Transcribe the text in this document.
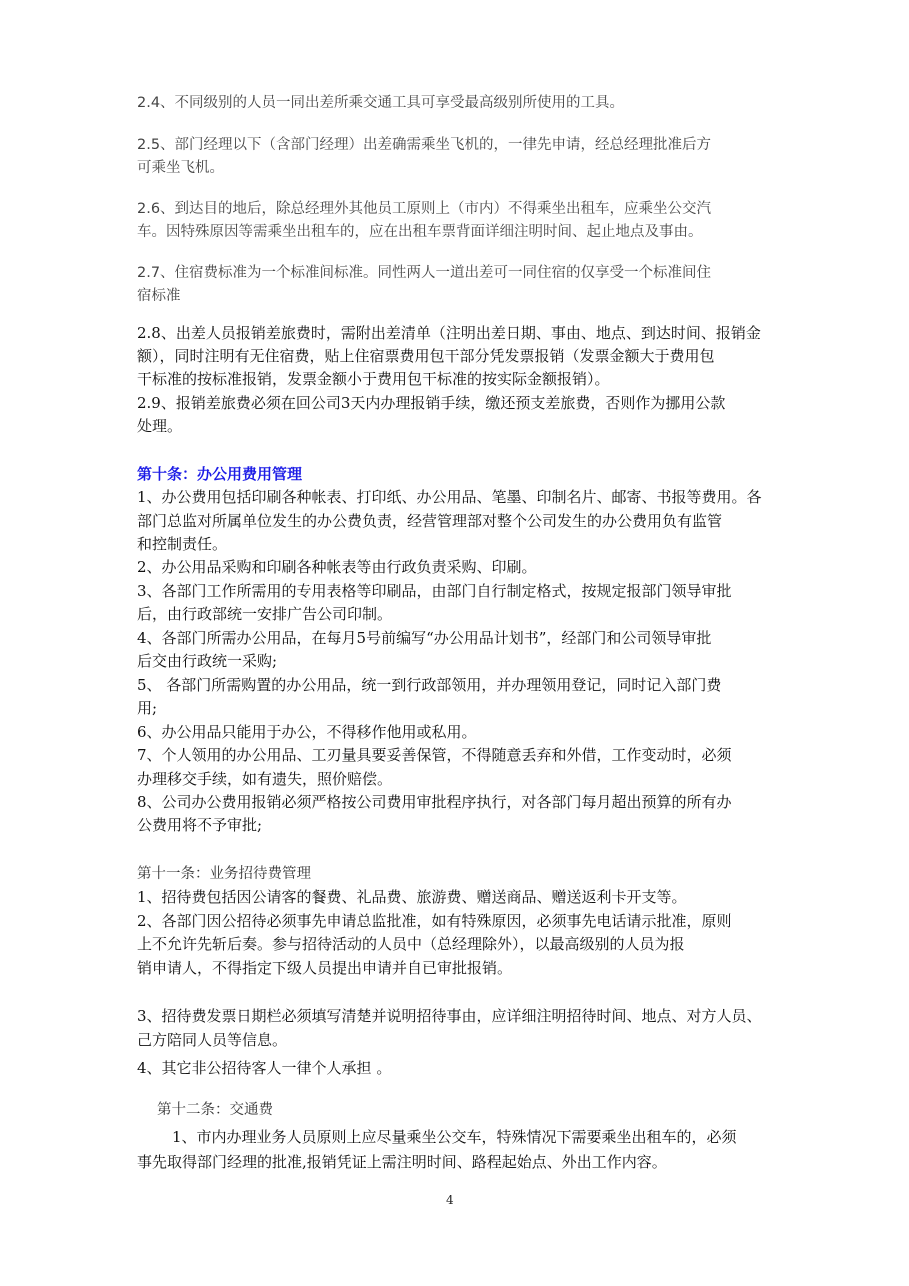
2.4、不同级别的人员一同出差所乘交通工具可享受最高级别所使用的工具。
2.5、部门经理以下（含部门经理）出差确需乘坐飞机的，一律先申请，经总经理批准后方
可乘坐飞机。
2.6、到达目的地后，除总经理外其他员工原则上（市内）不得乘坐出租车，应乘坐公交汽
车。因特殊原因等需乘坐出租车的，应在出租车票背面详细注明时间、起止地点及事由。
2.7、住宿费标准为一个标准间标准。同性两人一道出差可一同住宿的仅享受一个标准间住
宿标准
2.8、出差人员报销差旅费时，需附出差清单（注明出差日期、事由、地点、到达时间、报销金
额），同时注明有无住宿费，贴上住宿票费用包干部分凭发票报销（发票金额大于费用包
干标准的按标准报销，发票金额小于费用包干标准的按实际金额报销）。
2.9、报销差旅费必须在回公司3天内办理报销手续，缴还预支差旅费，否则作为挪用公款
处理。
第十条：办公用费用管理
1、办公费用包括印刷各种帐表、打印纸、办公用品、笔墨、印制名片、邮寄、书报等费用。各
部门总监对所属单位发生的办公费负责，经营管理部对整个公司发生的办公费用负有监管
和控制责任。
2、办公用品采购和印刷各种帐表等由行政负责采购、印刷。
3、各部门工作所需用的专用表格等印刷品，由部门自行制定格式，按规定报部门领导审批
后，由行政部统一安排广告公司印制。
4、各部门所需办公用品，在每月5号前编写“办公用品计划书”，经部门和公司领导审批
后交由行政统一采购;
5、 各部门所需购置的办公用品，统一到行政部领用，并办理领用登记，同时记入部门费
用;
6、办公用品只能用于办公，不得移作他用或私用。
7、个人领用的办公用品、工刃量具要妥善保管，不得随意丢弃和外借，工作变动时，必须
办理移交手续，如有遗失，照价赔偿。
8、公司办公费用报销必须严格按公司费用审批程序执行，对各部门每月超出预算的所有办
公费用将不予审批;
第十一条：业务招待费管理
1、招待费包括因公请客的餐费、礼品费、旅游费、赠送商品、赠送返利卡开支等。
2、各部门因公招待必须事先申请总监批准，如有特殊原因，必须事先电话请示批准，原则
上不允许先斩后奏。参与招待活动的人员中（总经理除外），以最高级别的人员为报
销申请人，不得指定下级人员提出申请并自已审批报销。
3、招待费发票日期栏必须填写清楚并说明招待事由，应详细注明招待时间、地点、对方人员、
己方陪同人员等信息。
4、其它非公招待客人一律个人承担 。
第十二条：交通费
1、市内办理业务人员原则上应尽量乘坐公交车，特殊情况下需要乘坐出租车的，必须
事先取得部门经理的批准,报销凭证上需注明时间、路程起始点、外出工作内容。
4
